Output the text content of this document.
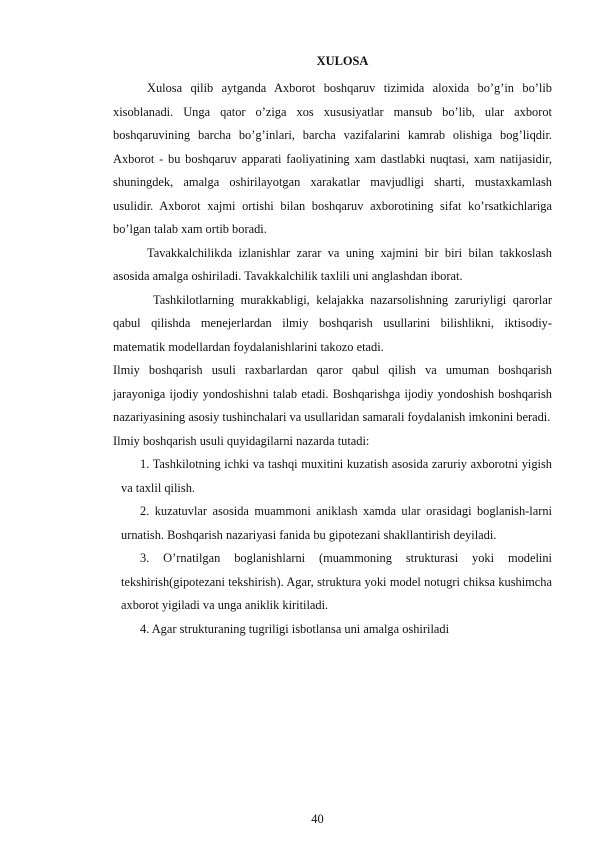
XULOSA

Xulosa qilib aytganda Axborot boshqaruv tizimida aloxida bo’g’in bo’lib xisoblanadi. Unga qator o’ziga xos xususiyatlar mansub bo’lib, ular axborot boshqaruvining barcha bo’g’inlari, barcha vazifalarini kamrab olishiga bog’liqdir. Axborot - bu boshqaruv apparati faoliyatining xam dastlabki nuqtasi, xam natijasidir, shuningdek, amalga oshirilayotgan xarakatlar mavjudligi sharti, mustaxkamlash usulidir. Axborot xajmi ortishi bilan boshqaruv axborotining sifat ko’rsatkichlariga bo’lgan talab xam ortib boradi.

Tavakkalchilikda izlanishlar zarar va uning xajmini bir biri bilan takkoslash asosida amalga oshiriladi. Tavakkalchilik taxlili uni anglashdan iborat.

Tashkilotlarning murakkabligi, kelajakka nazarsolishning zaruriyligi qarorlar qabul qilishda menejerlardan ilmiy boshqarish usullarini bilishlikni, iktisodiy-matematik modellardan foydalanishlarini takozo etadi.

Ilmiy boshqarish usuli raxbarlardan qaror qabul qilish va umuman boshqarish jarayoniga ijodiy yondoshishni talab etadi. Boshqarishga ijodiy yondoshish boshqarish nazariyasining asosiy tushinchalari va usullaridan samarali foydalanish imkonini beradi.

Ilmiy boshqarish usuli quyidagilarni nazarda tutadi:

1. Tashkilotning ichki va tashqi muxitini kuzatish asosida zaruriy axborotni yigish va taxlil qilish.
2. kuzatuvlar asosida muammoni aniklash xamda ular orasidagi boglanish-larni urnatish. Boshqarish nazariyasi fanida bu gipotezani shakllantirish deyiladi.
3. O’rnatilgan boglanishlarni (muammoning strukturasi yoki modelini tekshirish(gipotezani tekshirish). Agar, struktura yoki model notugri chiksa kushimcha axborot yigiladi va unga aniklik kiritiladi.
4. Agar strukturaning tugriligi isbotlansa uni amalga oshiriladi
40
